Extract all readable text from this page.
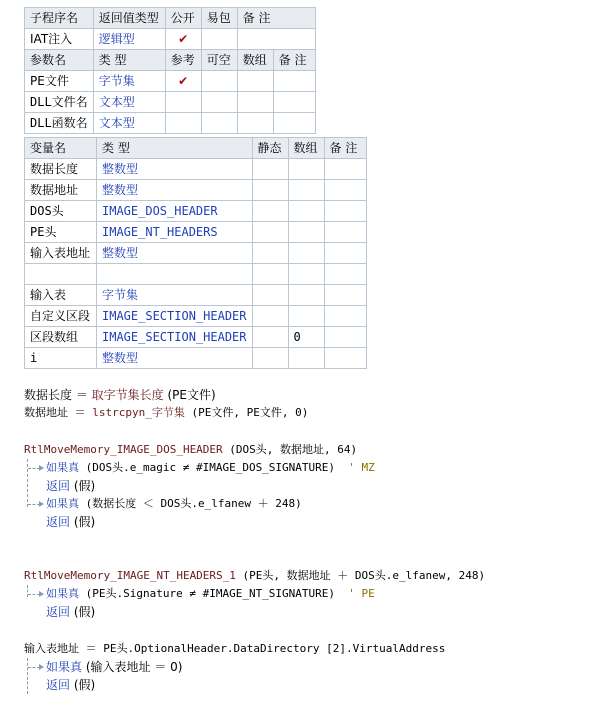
子程序名	返回值类型	公开	易包	备 注	
IAT注入	逻辑型	✔			
参数名	类 型	参考	可空	数组	备 注
PE文件	字节集	✔			
DLL文件名	文本型				
DLL函数名	文本型				
变量名	类 型	静态	数组	备 注
数据长度	整数型			
数据地址	整数型			
DOS头	IMAGE_DOS_HEADER			
PE头	IMAGE_NT_HEADERS			
输入表地址	整数型			

输入表	字节集			
自定义区段	IMAGE_SECTION_HEADER			
区段数组	IMAGE_SECTION_HEADER		0	
i	整数型			
数据长度 ＝ 取字节集长度 (PE文件)
数据地址 ＝ lstrcpyn_字节集 (PE文件, PE文件, 0)
RtlMoveMemory_IMAGE_DOS_HEADER (DOS头, 数据地址, 64)
如果真 (DOS头.e_magic ≠ #IMAGE_DOS_SIGNATURE)  ' MZ
返回 (假)
如果真 (数据长度 ＜ DOS头.e_lfanew ＋ 248)
返回 (假)
RtlMoveMemory_IMAGE_NT_HEADERS_1 (PE头, 数据地址 ＋ DOS头.e_lfanew, 248)
如果真 (PE头.Signature ≠ #IMAGE_NT_SIGNATURE)  ' PE
返回 (假)
输入表地址 ＝ PE头.OptionalHeader.DataDirectory [2].VirtualAddress
如果真 (输入表地址 ＝ 0)
返回 (假)
